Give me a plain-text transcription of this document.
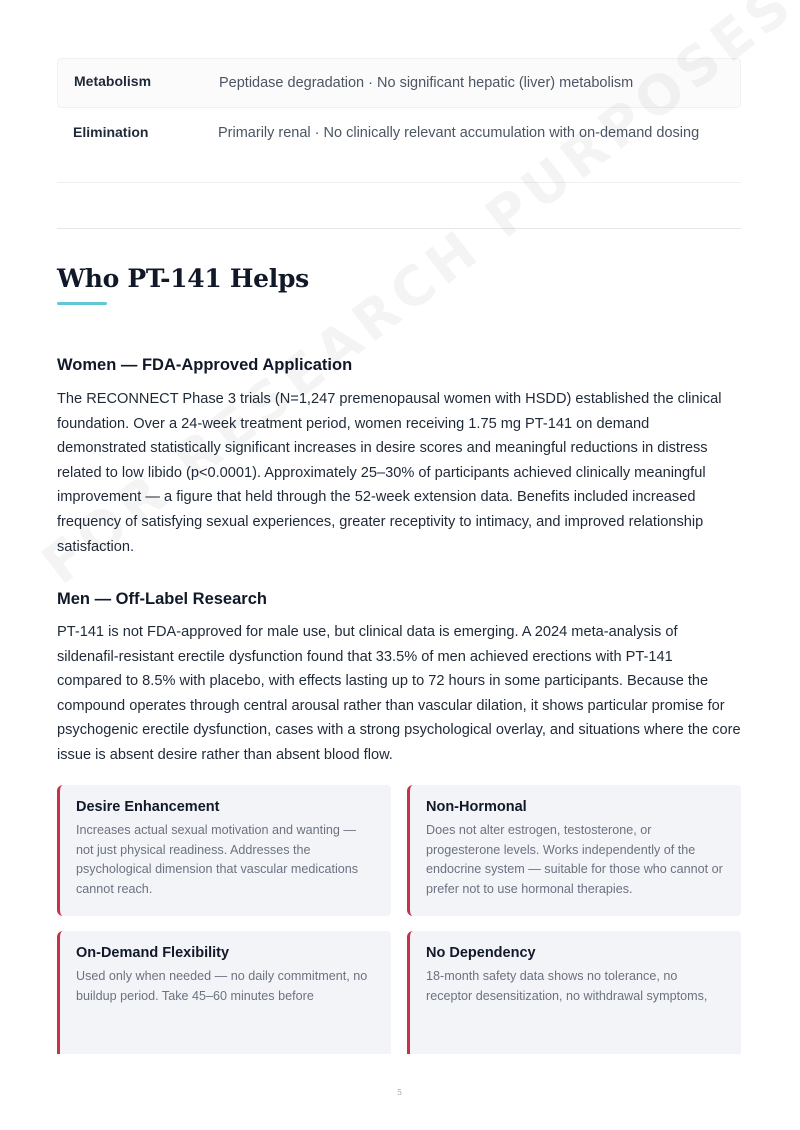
Metabolism	Peptidase degradation · No significant hepatic (liver) metabolism
Elimination	Primarily renal · No clinically relevant accumulation with on-demand dosing
Who PT-141 Helps
Women — FDA-Approved Application

The RECONNECT Phase 3 trials (N=1,247 premenopausal women with HSDD) established the clinical foundation. Over a 24-week treatment period, women receiving 1.75 mg PT-141 on demand demonstrated statistically significant increases in desire scores and meaningful reductions in distress related to low libido (p<0.0001). Approximately 25–30% of participants achieved clinically meaningful improvement — a figure that held through the 52-week extension data. Benefits included increased frequency of satisfying sexual experiences, greater receptivity to intimacy, and improved relationship satisfaction.

Men — Off-Label Research

PT-141 is not FDA-approved for male use, but clinical data is emerging. A 2024 meta-analysis of sildenafil-resistant erectile dysfunction found that 33.5% of men achieved erections with PT-141 compared to 8.5% with placebo, with effects lasting up to 72 hours in some participants. Because the compound operates through central arousal rather than vascular dilation, it shows particular promise for psychogenic erectile dysfunction, cases with a strong psychological overlay, and situations where the core issue is absent desire rather than absent blood flow.

Desire Enhancement
Increases actual sexual motivation and wanting — not just physical readiness. Addresses the psychological dimension that vascular medications cannot reach.
Non-Hormonal
Does not alter estrogen, testosterone, or progesterone levels. Works independently of the endocrine system — suitable for those who cannot or prefer not to use hormonal therapies.
On-Demand Flexibility
Used only when needed — no daily commitment, no buildup period. Take 45–60 minutes before
No Dependency
18-month safety data shows no tolerance, no receptor desensitization, no withdrawal symptoms,
5
